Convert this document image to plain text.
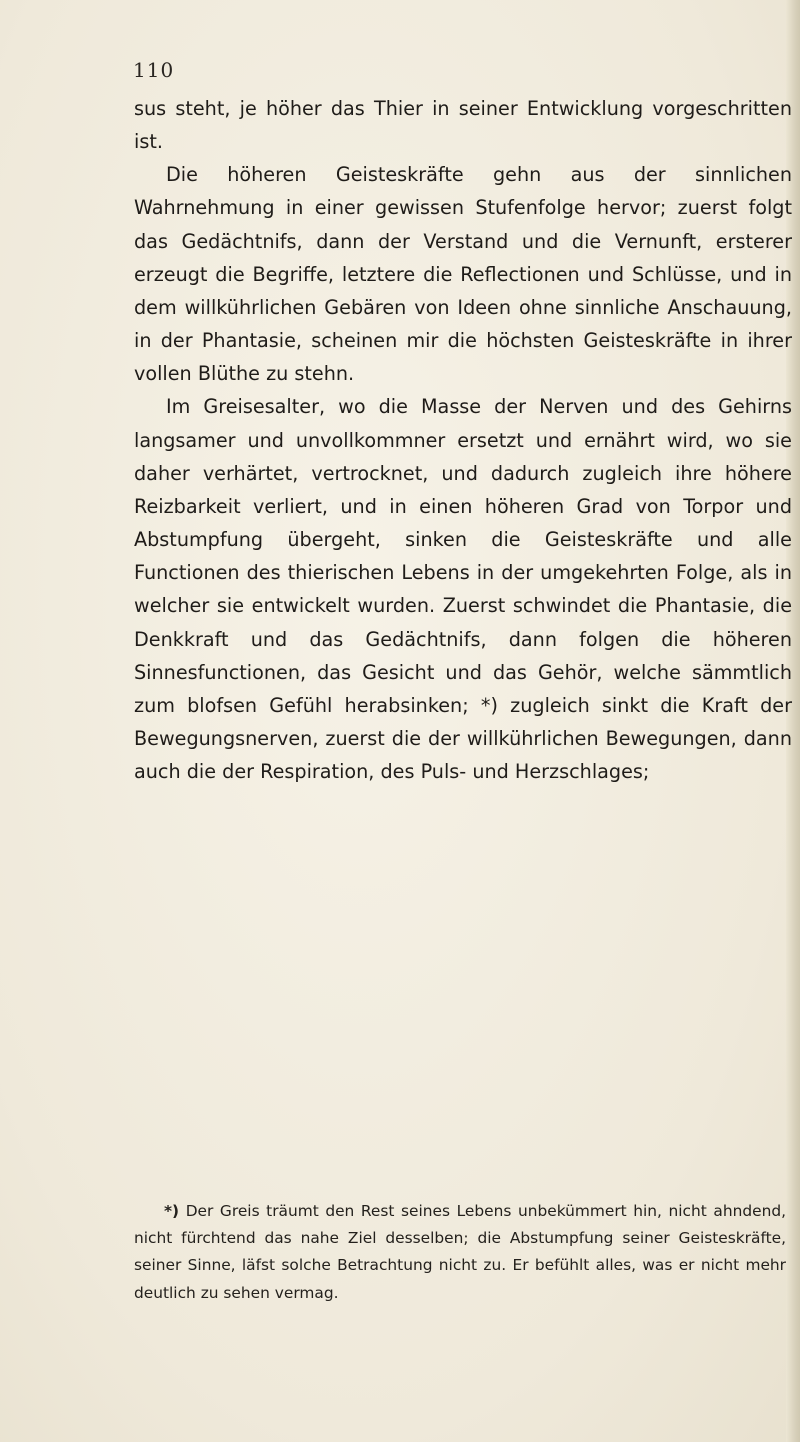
110

sus steht, je höher das Thier in seiner Entwicklung vorgeschritten ist.

Die höheren Geisteskräfte gehn aus der sinnlichen Wahrnehmung in einer gewissen Stufenfolge hervor; zuerst folgt das Gedächtnifs, dann der Verstand und die Vernunft, ersterer erzeugt die Begriffe, letztere die Reflectionen und Schlüsse, und in dem willkührlichen Gebären von Ideen ohne sinnliche Anschauung, in der Phantasie, scheinen mir die höchsten Geisteskräfte in ihrer vollen Blüthe zu stehn.

Im Greisesalter, wo die Masse der Nerven und des Gehirns langsamer und unvollkommner ersetzt und ernährt wird, wo sie daher verhärtet, vertrocknet, und dadurch zugleich ihre höhere Reizbarkeit verliert, und in einen höheren Grad von Torpor und Abstumpfung übergeht, sinken die Geisteskräfte und alle Functionen des thierischen Lebens in der umgekehrten Folge, als in welcher sie entwickelt wurden. Zuerst schwindet die Phantasie, die Denkkraft und das Gedächtnifs, dann folgen die höheren Sinnesfunctionen, das Gesicht und das Gehör, welche sämmtlich zum blofsen Gefühl herabsinken; *) zugleich sinkt die Kraft der Bewegungsnerven, zuerst die der willkührlichen Bewegungen, dann auch die der Respiration, des Puls- und Herzschlages;

*) Der Greis träumt den Rest seines Lebens unbekümmert hin, nicht ahndend, nicht fürchtend das nahe Ziel desselben; die Abstumpfung seiner Geisteskräfte, seiner Sinne, läfst solche Betrachtung nicht zu. Er befühlt alles, was er nicht mehr deutlich zu sehen vermag.
